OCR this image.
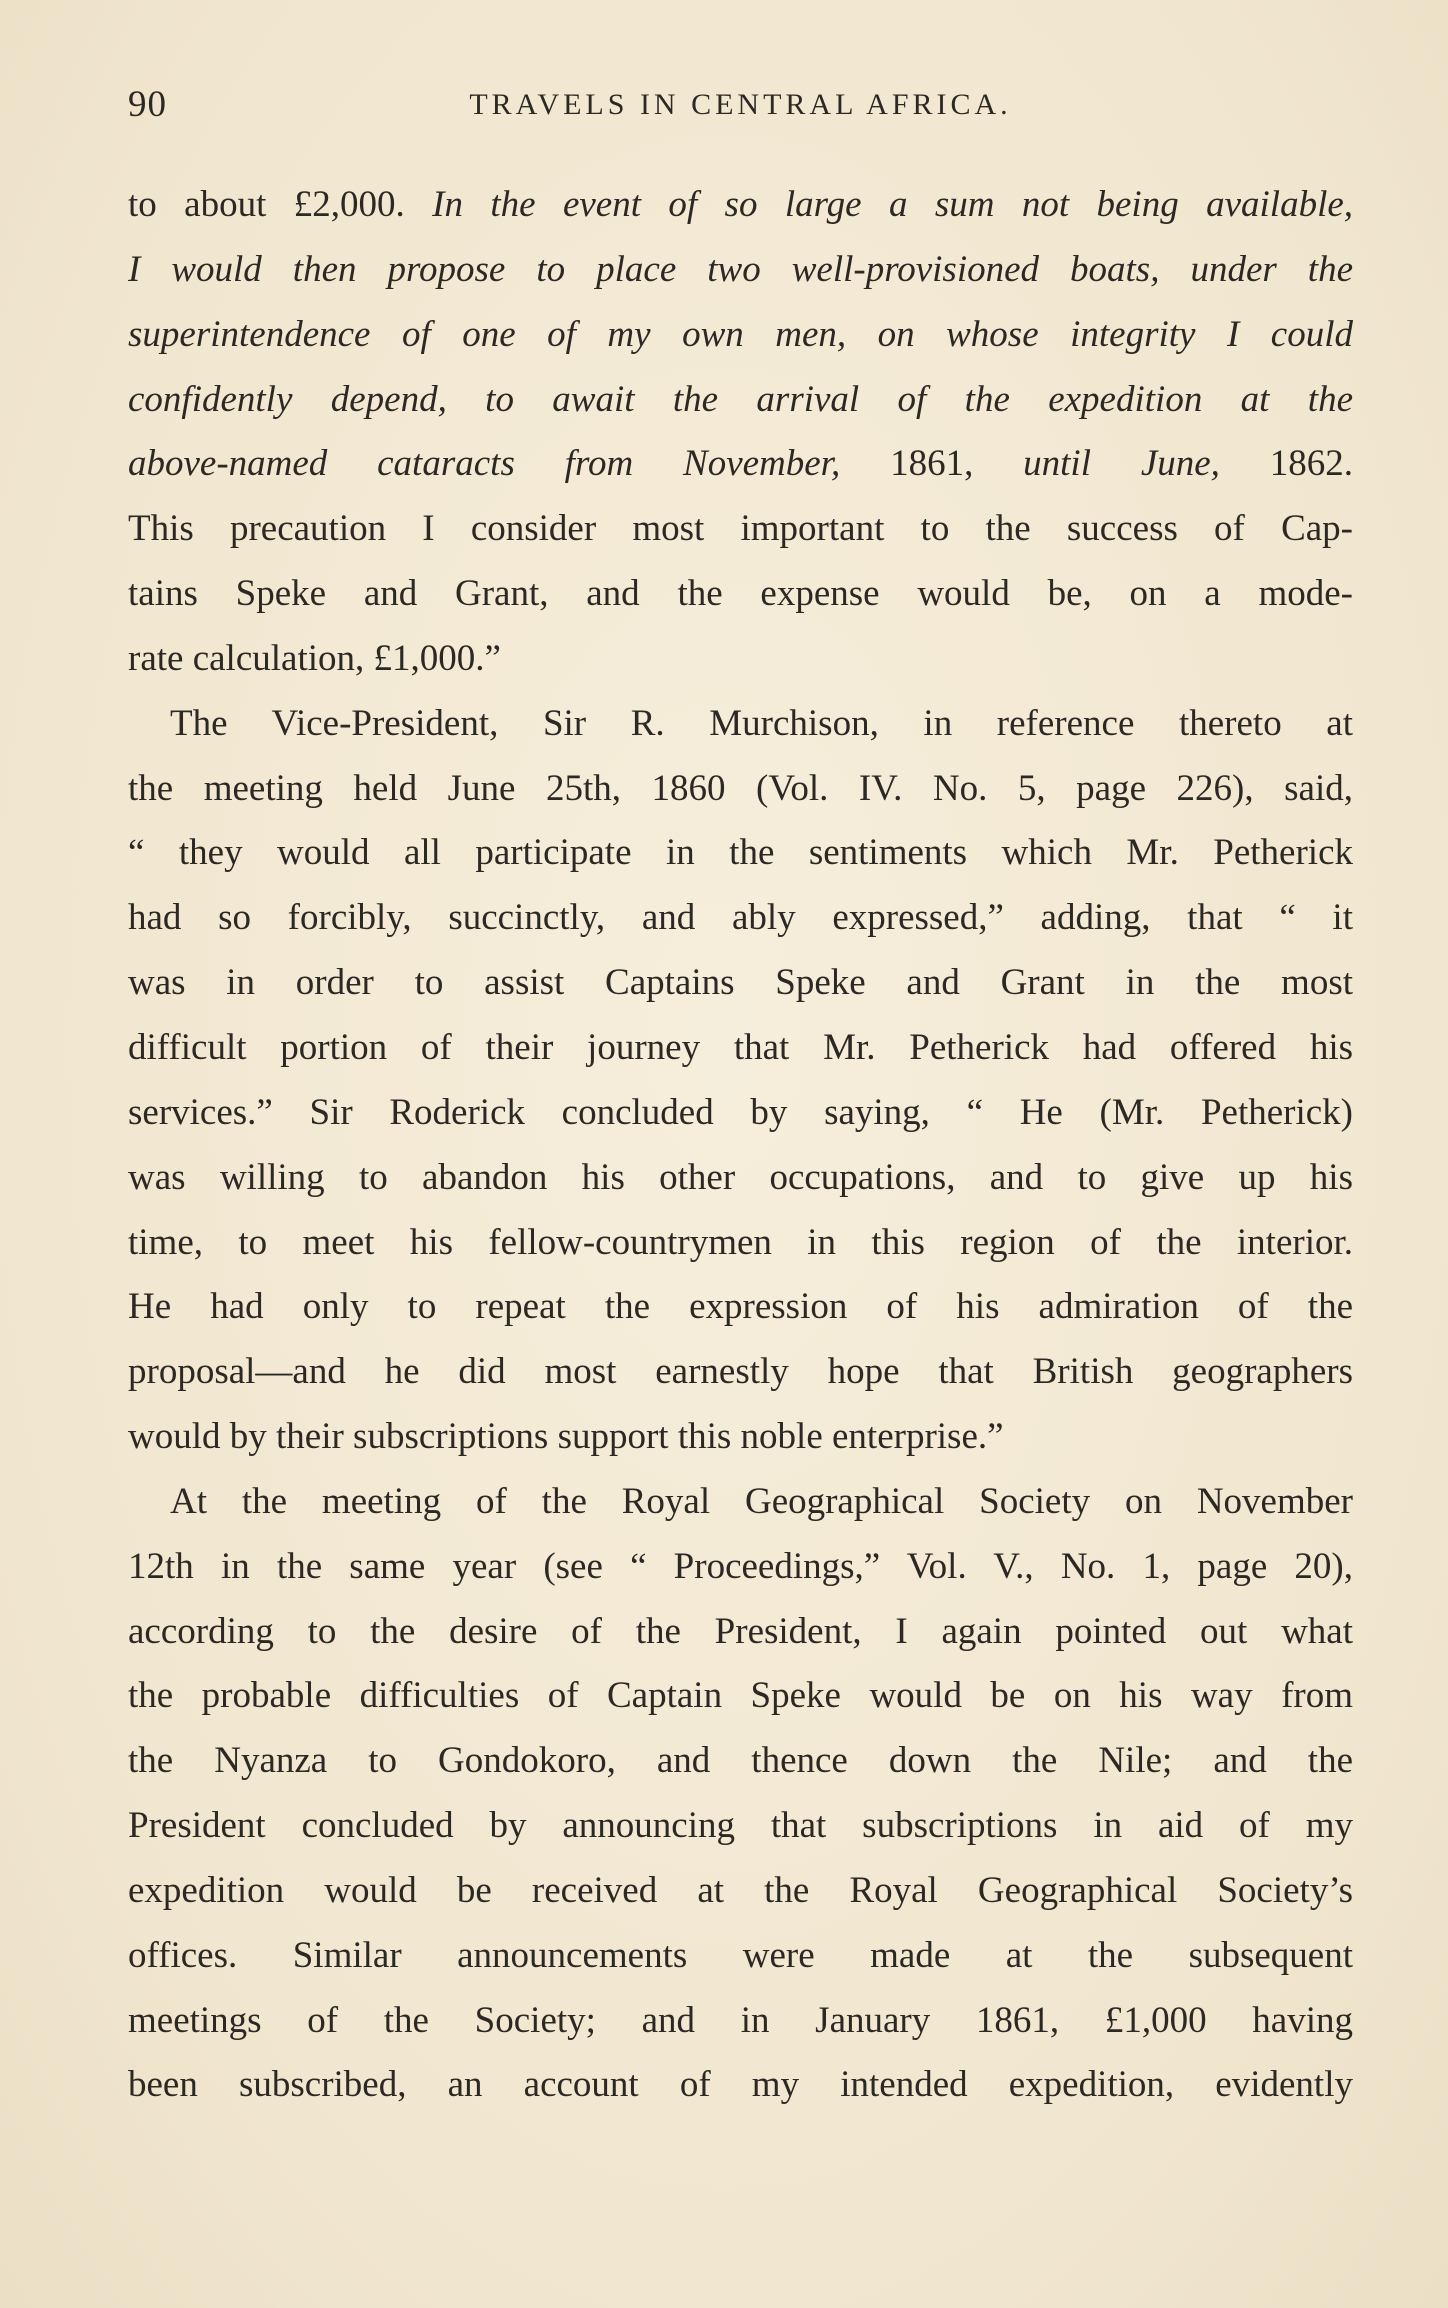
90	TRAVELS IN CENTRAL AFRICA.
to about £2,000. In the event of so large a sum not being available,
I would then propose to place two well-provisioned boats, under the
superintendence of one of my own men, on whose integrity I could
confidently depend, to await the arrival of the expedition at the
above-named cataracts from November, 1861, until June, 1862.
This precaution I consider most important to the success of Cap-
tains Speke and Grant, and the expense would be, on a mode-
rate calculation, £1,000.”
The Vice-President, Sir R. Murchison, in reference thereto at
the meeting held June 25th, 1860 (Vol. IV. No. 5, page 226), said,
“ they would all participate in the sentiments which Mr. Petherick
had so forcibly, succinctly, and ably expressed,” adding, that “ it
was in order to assist Captains Speke and Grant in the most
difficult portion of their journey that Mr. Petherick had offered his
services.” Sir Roderick concluded by saying, “ He (Mr. Petherick)
was willing to abandon his other occupations, and to give up his
time, to meet his fellow-countrymen in this region of the interior.
He had only to repeat the expression of his admiration of the
proposal—and he did most earnestly hope that British geographers
would by their subscriptions support this noble enterprise.”
At the meeting of the Royal Geographical Society on November
12th in the same year (see “ Proceedings,” Vol. V., No. 1, page 20),
according to the desire of the President, I again pointed out what
the probable difficulties of Captain Speke would be on his way from
the Nyanza to Gondokoro, and thence down the Nile; and the
President concluded by announcing that subscriptions in aid of my
expedition would be received at the Royal Geographical Society’s
offices. Similar announcements were made at the subsequent
meetings of the Society; and in January 1861, £1,000 having
been subscribed, an account of my intended expedition, evidently
